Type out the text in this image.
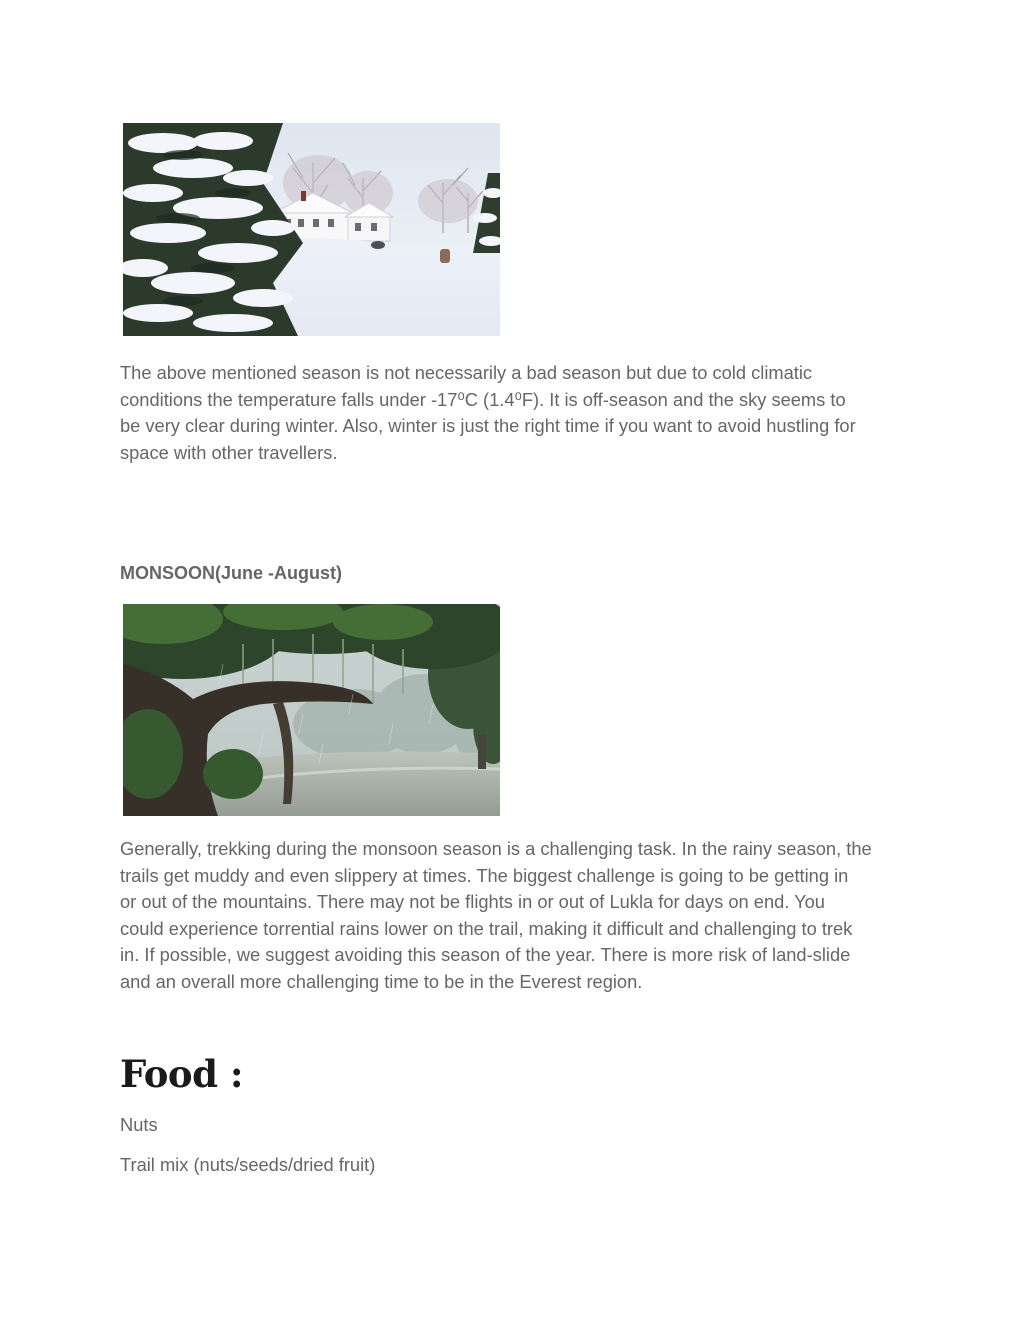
The above mentioned season is not necessarily a bad season but due to cold climatic
conditions the temperature falls under -17⁰C (1.4⁰F). It is off-season and the sky seems to
be very clear during winter. Also, winter is just the right time if you want to avoid hustling for
space with other travellers.

MONSOON(June -August)

Generally, trekking during the monsoon season is a challenging task. In the rainy season, the
trails get muddy and even slippery at times. The biggest challenge is going to be getting in
or out of the mountains. There may not be flights in or out of Lukla for days on end. You
could experience torrential rains lower on the trail, making it difficult and challenging to trek
in. If possible, we suggest avoiding this season of the year. There is more risk of land-slide
and an overall more challenging time to be in the Everest region.

Food :

Nuts

Trail mix (nuts/seeds/dried fruit)
